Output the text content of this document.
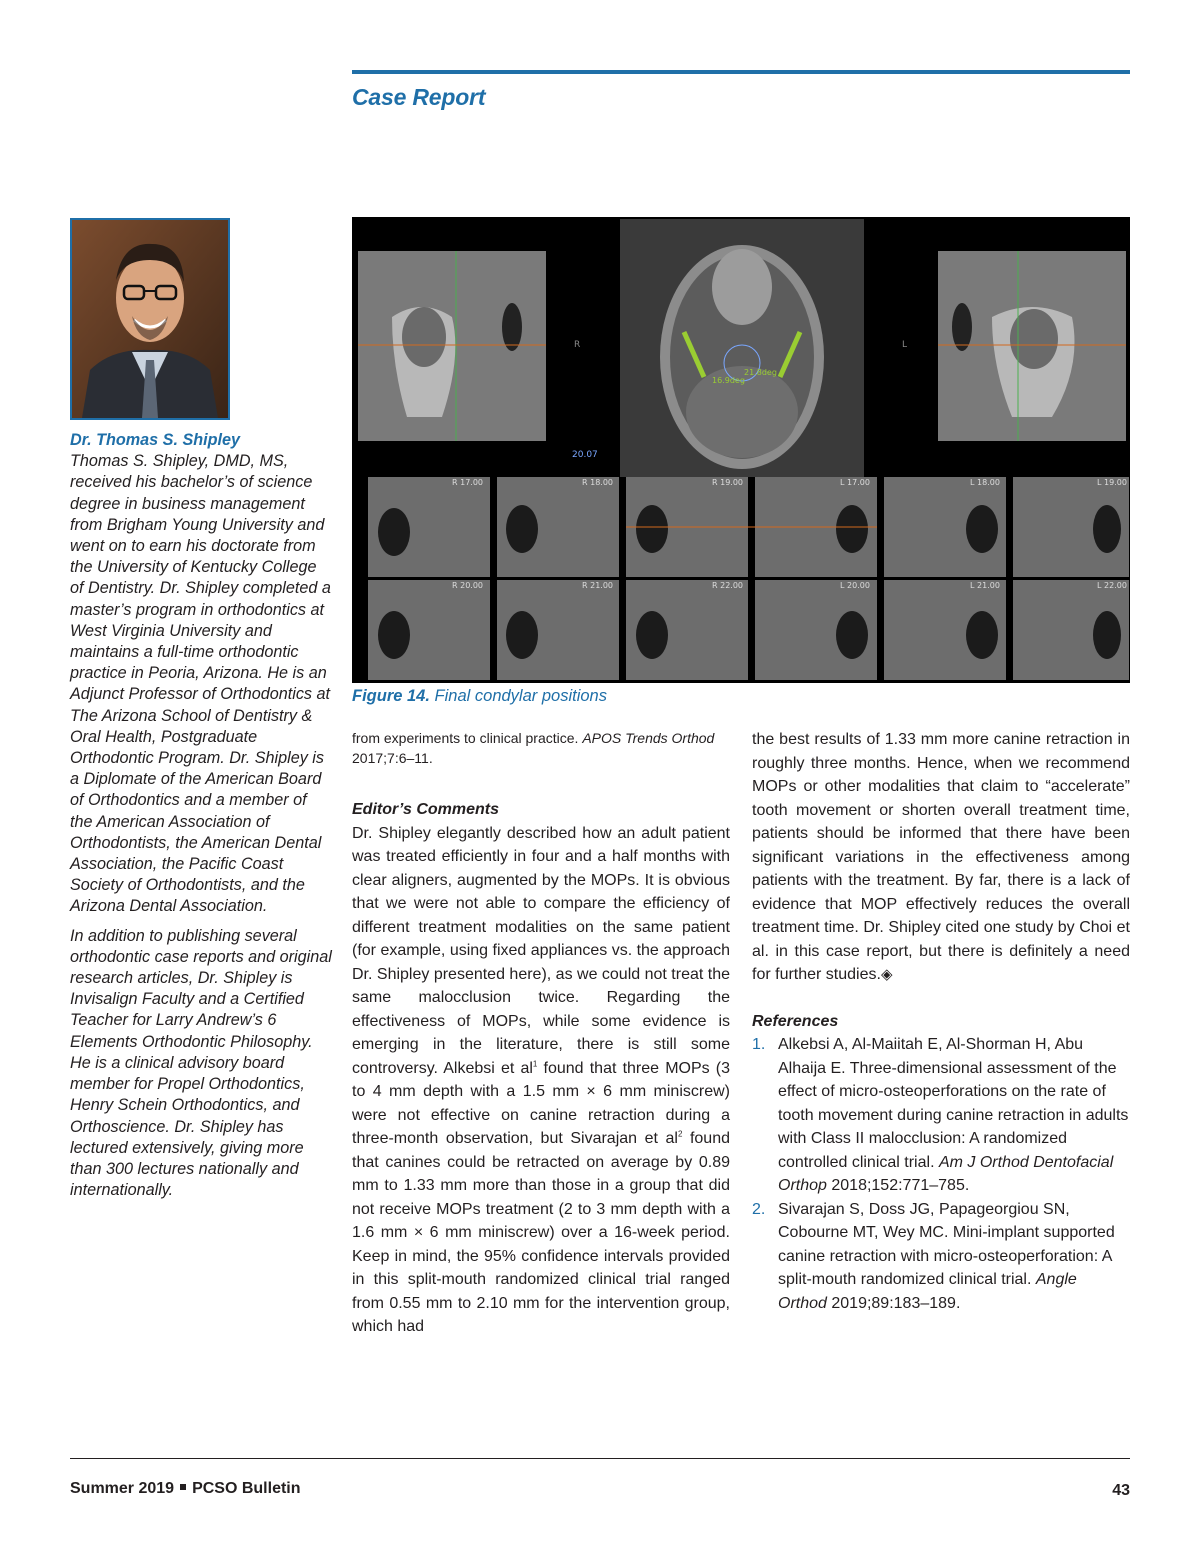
Case Report
Dr. Thomas S. Shipley

Thomas S. Shipley, DMD, MS, received his bachelor’s of science degree in business management from Brigham Young University and went on to earn his doctorate from the University of Kentucky College of Dentistry. Dr. Shipley completed a master’s program in orthodontics at West Virginia University and maintains a full-time orthodontic practice in Peoria, Arizona. He is an Adjunct Professor of Orthodontics at The Arizona School of Dentistry & Oral Health, Postgraduate Orthodontic Program. Dr. Shipley is a Diplomate of the American Board of Orthodontics and a member of the American Association of Orthodontists, the American Dental Association, the Pacific Coast Society of Orthodontists, and the Arizona Dental Association.

In addition to publishing several orthodontic case reports and original research articles, Dr. Shipley is Invisalign Faculty and a Certified Teacher for Larry Andrew’s 6 Elements Orthodontic Philosophy. He is a clinical advisory board member for Propel Orthodontics, Henry Schein Orthodontics, and Orthoscience. Dr. Shipley has lectured extensively, giving more than 300 lectures nationally and internationally.

16.9deg
21.8deg
R	L
20.07
R 17.00	R 18.00	R 19.00	L 17.00	L 18.00	L 19.00
R 20.00	R 21.00	R 22.00	L 20.00	L 21.00	L 22.00
Figure 14. Final condylar positions
from experiments to clinical practice. APOS Trends Orthod 2017;7:6–11.

Editor’s Comments

Dr. Shipley elegantly described how an adult patient was treated efficiently in four and a half months with clear aligners, augmented by the MOPs. It is obvious that we were not able to compare the efficiency of different treatment modalities on the same patient (for example, using fixed appliances vs. the approach Dr. Shipley presented here), as we could not treat the same malocclusion twice. Regarding the effectiveness of MOPs, while some evidence is emerging in the literature, there is still some controversy. Alkebsi et $al^1$ found that three MOPs (3 to 4 mm depth with a 1.5 mm × 6 mm miniscrew) were not effective on canine retraction during a three-month observation, but Sivarajan et $al^2$ found that canines could be retracted on average by 0.89 mm to 1.33 mm more than those in a group that did not receive MOPs treatment (2 to 3 mm depth with a 1.6 mm × 6 mm miniscrew) over a 16-week period. Keep in mind, the 95% confidence intervals provided in this split-mouth randomized clinical trial ranged from 0.55 mm to 2.10 mm for the intervention group, which had

the best results of 1.33 mm more canine retraction in roughly three months. Hence, when we recommend MOPs or other modalities that claim to “accelerate” tooth movement or shorten overall treatment time, patients should be informed that there have been significant variations in the effectiveness among patients with the treatment. By far, there is a lack of evidence that MOP effectively reduces the overall treatment time. Dr. Shipley cited one study by Choi et al. in this case report, but there is definitely a need for further studies.◈

References

1. Alkebsi A, Al-Maiitah E, Al-Shorman H, Abu Alhaija E. Three-dimensional assessment of the effect of micro-osteoperforations on the rate of tooth movement during canine retraction in adults with Class II malocclusion: A randomized controlled clinical trial. Am J Orthod Dentofacial Orthop 2018;152:771–785.
2. Sivarajan S, Doss JG, Papageorgiou SN, Cobourne MT, Wey MC. Mini-implant supported canine retraction with micro-osteoperforation: A split-mouth randomized clinical trial. Angle Orthod 2019;89:183–189.
Summer 2019 PCSO Bulletin	43
